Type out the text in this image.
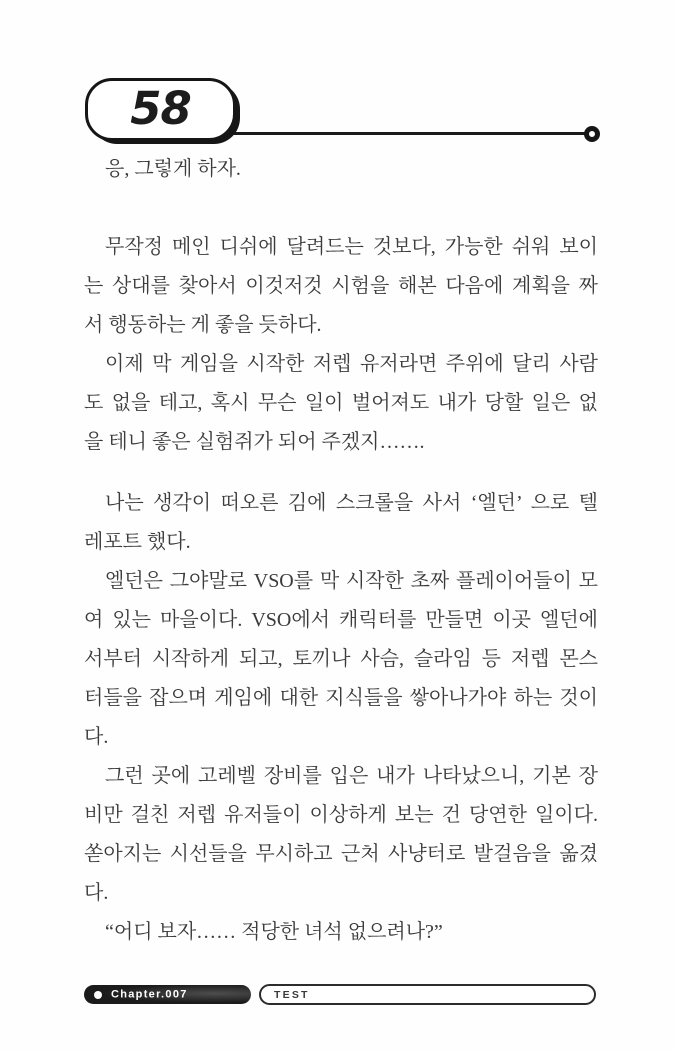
58
응, 그렇게 하자.
무작정 메인 디쉬에 달려드는 것보다, 가능한 쉬워 보이
는 상대를 찾아서 이것저것 시험을 해본 다음에 계획을 짜
서 행동하는 게 좋을 듯하다.
이제 막 게임을 시작한 저렙 유저라면 주위에 달리 사람
도 없을 테고, 혹시 무슨 일이 벌어져도 내가 당할 일은 없
을 테니 좋은 실험쥐가 되어 주겠지…….
나는 생각이 떠오른 김에 스크롤을 사서 ‘엘던’ 으로 텔
레포트 했다.
엘던은 그야말로 VSO를 막 시작한 초짜 플레이어들이 모
여 있는 마을이다. VSO에서 캐릭터를 만들면 이곳 엘던에
서부터 시작하게 되고, 토끼나 사슴, 슬라임 등 저렙 몬스
터들을 잡으며 게임에 대한 지식들을 쌓아나가야 하는 것이
다.
그런 곳에 고레벨 장비를 입은 내가 나타났으니, 기본 장
비만 걸친 저렙 유저들이 이상하게 보는 건 당연한 일이다.
쏟아지는 시선들을 무시하고 근처 사냥터로 발걸음을 옮겼
다.
“어디 보자…… 적당한 녀석 없으려나?”
Chapter.007	TEST
